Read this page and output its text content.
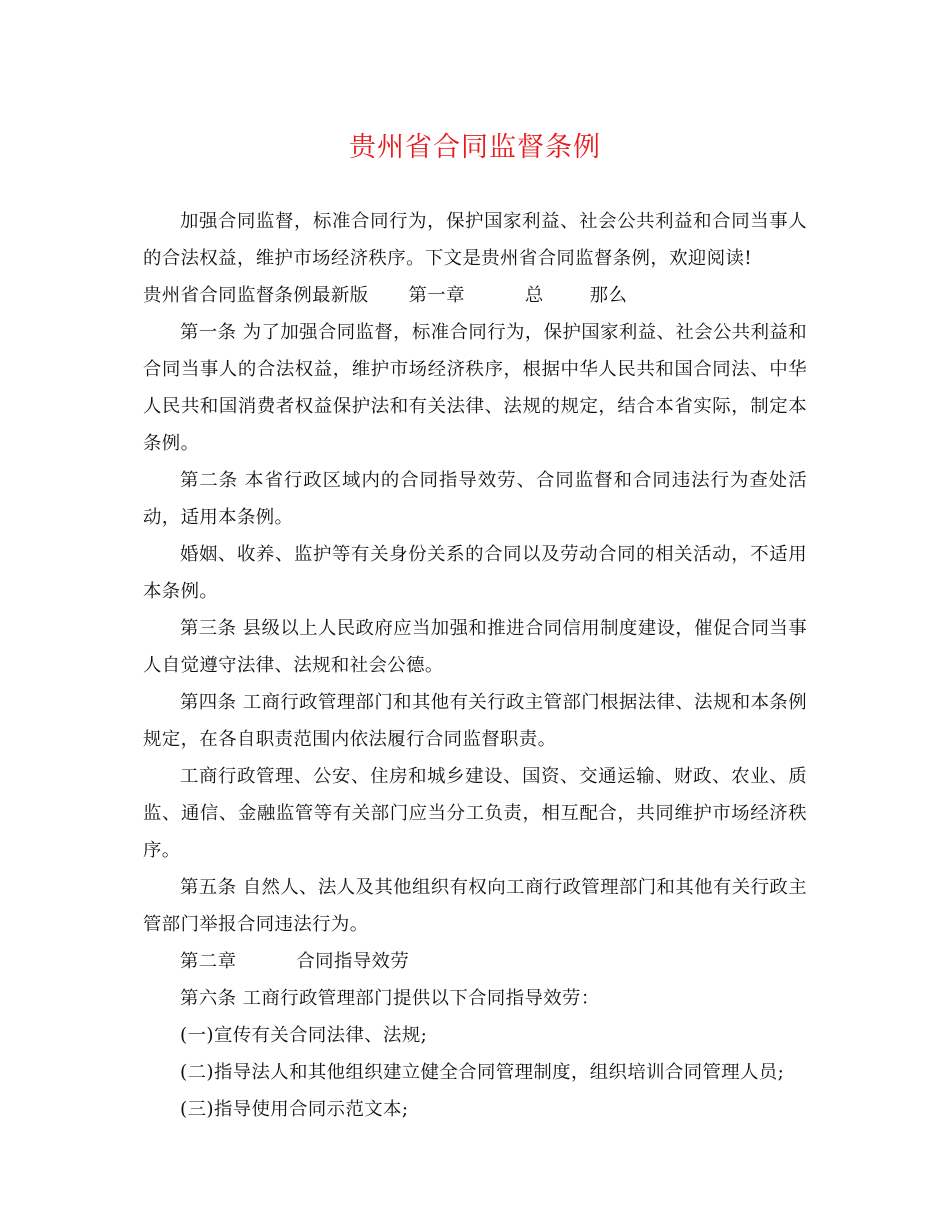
贵州省合同监督条例

加强合同监督，标准合同行为，保护国家利益、社会公共利益和合同当事人的合法权益，维护市场经济秩序。下文是贵州省合同监督条例，欢迎阅读!

贵州省合同监督条例最新版 第一章	总	那么

第一条 为了加强合同监督，标准合同行为，保护国家利益、社会公共利益和合同当事人的合法权益，维护市场经济秩序，根据中华人民共和国合同法、中华人民共和国消费者权益保护法和有关法律、法规的规定，结合本省实际，制定本条例。

第二条 本省行政区域内的合同指导效劳、合同监督和合同违法行为查处活动，适用本条例。

婚姻、收养、监护等有关身份关系的合同以及劳动合同的相关活动，不适用本条例。

第三条 县级以上人民政府应当加强和推进合同信用制度建设，催促合同当事人自觉遵守法律、法规和社会公德。

第四条 工商行政管理部门和其他有关行政主管部门根据法律、法规和本条例规定，在各自职责范围内依法履行合同监督职责。

工商行政管理、公安、住房和城乡建设、国资、交通运输、财政、农业、质监、通信、金融监管等有关部门应当分工负责，相互配合，共同维护市场经济秩序。

第五条 自然人、法人及其他组织有权向工商行政管理部门和其他有关行政主管部门举报合同违法行为。

第二章	合同指导效劳

第六条 工商行政管理部门提供以下合同指导效劳：

(一)宣传有关合同法律、法规;

(二)指导法人和其他组织建立健全合同管理制度，组织培训合同管理人员;

(三)指导使用合同示范文本;
